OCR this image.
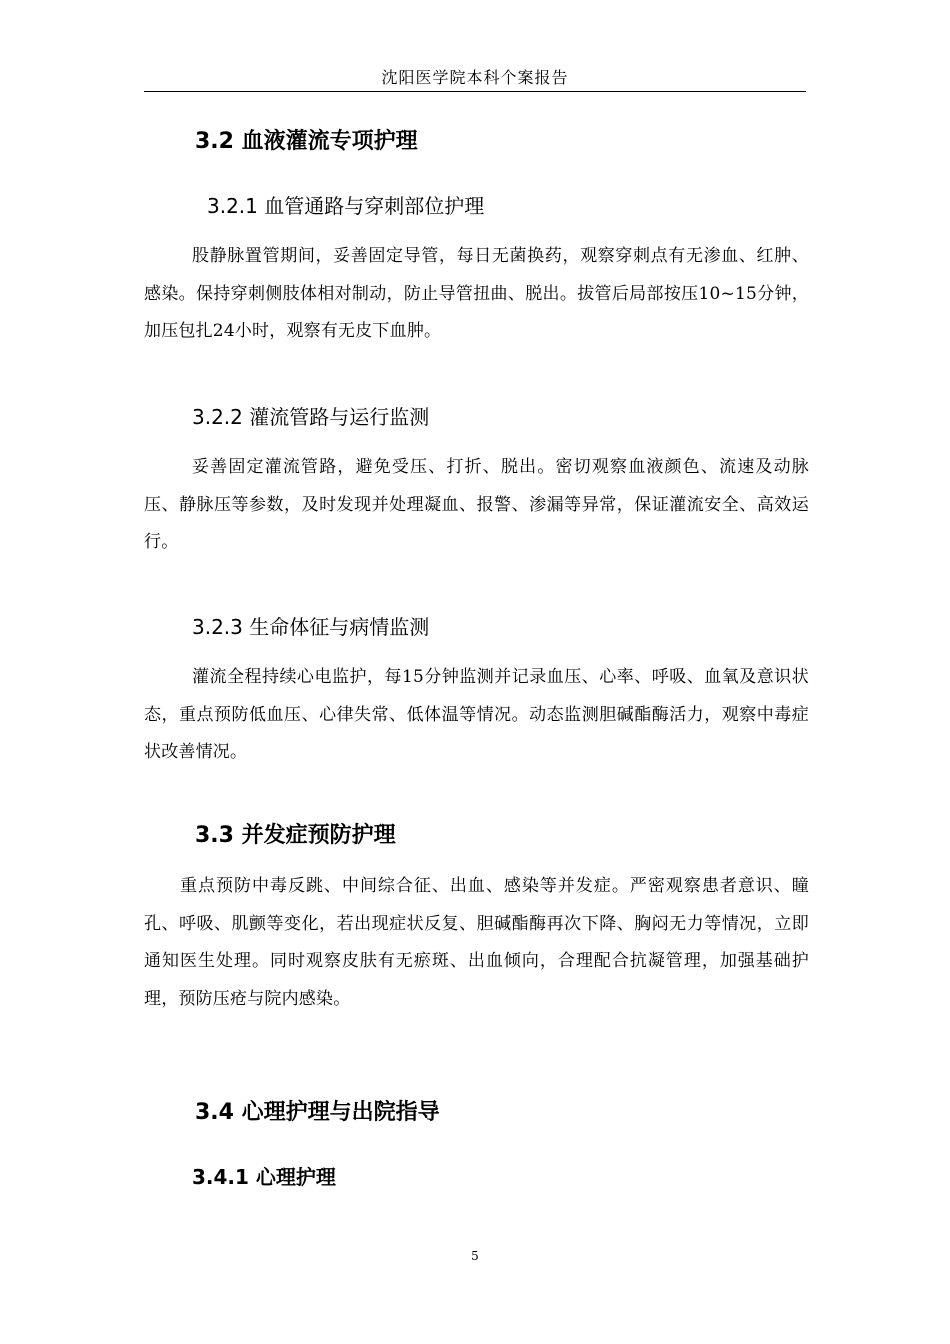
沈阳医学院本科个案报告
3.2 血液灌流专项护理
3.2.1 血管通路与穿刺部位护理

股静脉置管期间，妥善固定导管，每日无菌换药，观察穿刺点有无渗血、红肿、感染。保持穿刺侧肢体相对制动，防止导管扭曲、脱出。拔管后局部按压10~15分钟，加压包扎24小时，观察有无皮下血肿。

3.2.2 灌流管路与运行监测

妥善固定灌流管路，避免受压、打折、脱出。密切观察血液颜色、流速及动脉压、静脉压等参数，及时发现并处理凝血、报警、渗漏等异常，保证灌流安全、高效运行。

3.2.3 生命体征与病情监测

灌流全程持续心电监护，每15分钟监测并记录血压、心率、呼吸、血氧及意识状态，重点预防低血压、心律失常、低体温等情况。动态监测胆碱酯酶活力，观察中毒症状改善情况。

3.3 并发症预防护理

重点预防中毒反跳、中间综合征、出血、感染等并发症。严密观察患者意识、瞳孔、呼吸、肌颤等变化，若出现症状反复、胆碱酯酶再次下降、胸闷无力等情况，立即通知医生处理。同时观察皮肤有无瘀斑、出血倾向，合理配合抗凝管理，加强基础护理，预防压疮与院内感染。

3.4 心理护理与出院指导
3.4.1 心理护理
5
